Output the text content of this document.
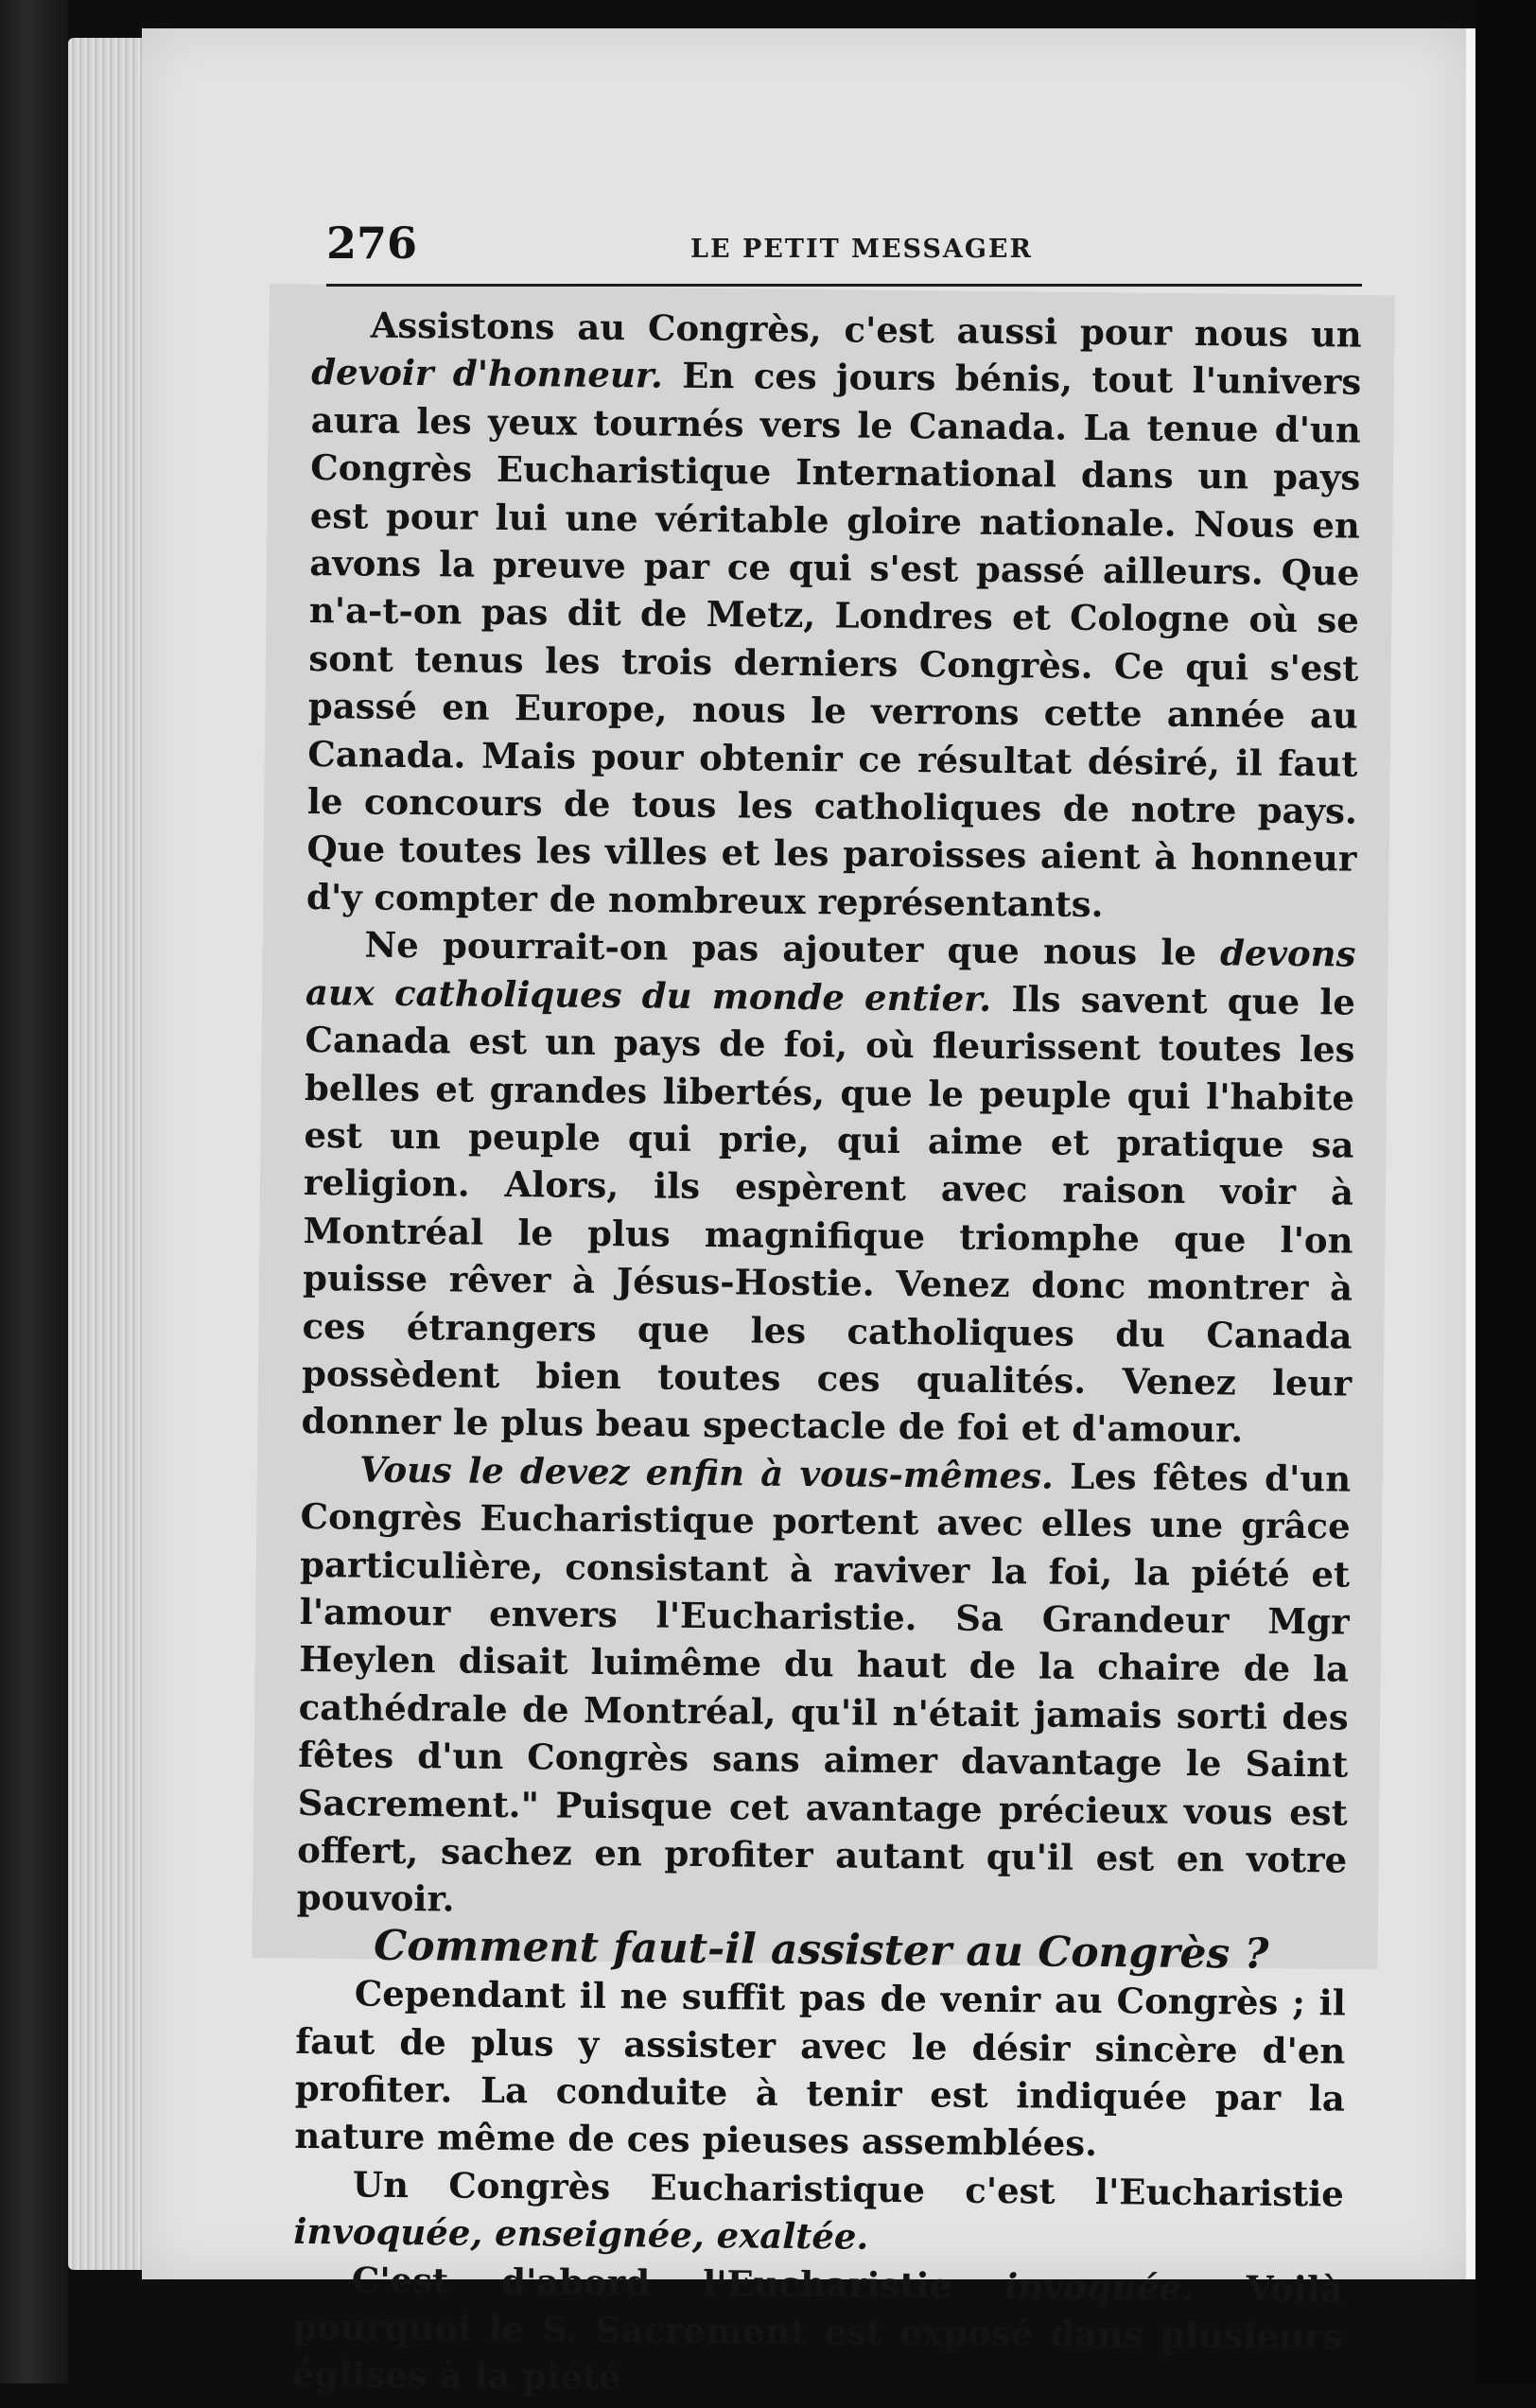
276	LE PETIT MESSAGER

Assistons au Congrès, c'est aussi pour nous un devoir d'honneur. En ces jours bénis, tout l'univers aura les yeux tournés vers le Canada. La tenue d'un Congrès Eucharistique International dans un pays est pour lui une véritable gloire nationale. Nous en avons la preuve par ce qui s'est passé ailleurs. Que n'a-t-on pas dit de Metz, Londres et Cologne où se sont tenus les trois derniers Congrès. Ce qui s'est passé en Europe, nous le verrons cette année au Canada. Mais pour obtenir ce résultat désiré, il faut le concours de tous les catholiques de notre pays. Que toutes les villes et les paroisses aient à honneur d'y compter de nombreux représentants.

Ne pourrait-on pas ajouter que nous le devons aux catholiques du monde entier. Ils savent que le Canada est un pays de foi, où fleurissent toutes les belles et grandes libertés, que le peuple qui l'habite est un peuple qui prie, qui aime et pratique sa religion. Alors, ils espèrent avec raison voir à Montréal le plus magnifique triomphe que l'on puisse rêver à Jésus-Hostie. Venez donc montrer à ces étrangers que les catholiques du Canada possèdent bien toutes ces qualités. Venez leur donner le plus beau spectacle de foi et d'amour.

Vous le devez enfin à vous-mêmes. Les fêtes d'un Congrès Eucharistique portent avec elles une grâce particulière, consistant à raviver la foi, la piété et l'amour envers l'Eucharistie. Sa Grandeur Mgr Heylen disait luimême du haut de la chaire de la cathédrale de Montréal, qu'il n'était jamais sorti des fêtes d'un Congrès sans aimer davantage le Saint Sacrement." Puisque cet avantage précieux vous est offert, sachez en profiter autant qu'il est en votre pouvoir.

Comment faut-il assister au Congrès ?

Cependant il ne suffit pas de venir au Congrès ; il faut de plus y assister avec le désir sincère d'en profiter. La conduite à tenir est indiquée par la nature même de ces pieuses assemblées.

Un Congrès Eucharistique c'est l'Eucharistie invoquée, enseignée, exaltée.

C'est d'abord l'Eucharistie invoquée. Voilà pourquoi le S. Sacrement est exposé dans plusieurs églises à la piété
